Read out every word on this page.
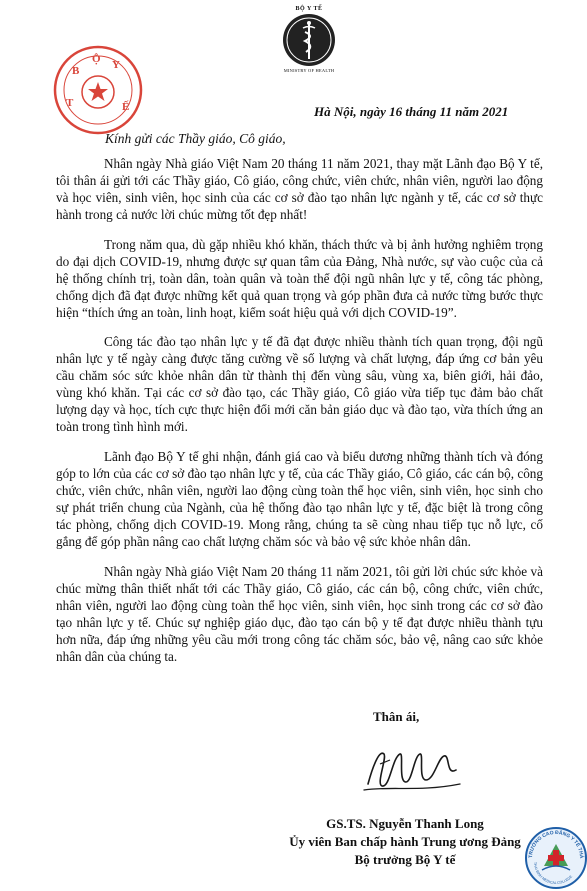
BỘ Y TẾ
MINISTRY OF HEALTH
B
Ộ Y
T	Ế	Hà Nội, ngày 16 tháng 11 năm 2021
Kính gửi các Thầy giáo, Cô giáo,

Nhân ngày Nhà giáo Việt Nam 20 tháng 11 năm 2021, thay mặt Lãnh đạo Bộ Y tế, tôi thân ái gửi tới các Thầy giáo, Cô giáo, công chức, viên chức, nhân viên, người lao động và học viên, sinh viên, học sinh của các cơ sở đào tạo nhân lực ngành y tế, các cơ sở thực hành trong cả nước lời chúc mừng tốt đẹp nhất!

Trong năm qua, dù gặp nhiều khó khăn, thách thức và bị ảnh hưởng nghiêm trọng do đại dịch COVID-19, nhưng được sự quan tâm của Đảng, Nhà nước, sự vào cuộc của cả hệ thống chính trị, toàn dân, toàn quân và toàn thể đội ngũ nhân lực y tế, công tác phòng, chống dịch đã đạt được những kết quả quan trọng và góp phần đưa cả nước từng bước thực hiện “thích ứng an toàn, linh hoạt, kiểm soát hiệu quả với dịch COVID-19”.

Công tác đào tạo nhân lực y tế đã đạt được nhiều thành tích quan trọng, đội ngũ nhân lực y tế ngày càng được tăng cường về số lượng và chất lượng, đáp ứng cơ bản yêu cầu chăm sóc sức khỏe nhân dân từ thành thị đến vùng sâu, vùng xa, biên giới, hải đảo, vùng khó khăn. Tại các cơ sở đào tạo, các Thầy giáo, Cô giáo vừa tiếp tục đảm bảo chất lượng dạy và học, tích cực thực hiện đổi mới căn bản giáo dục và đào tạo, vừa thích ứng an toàn trong tình hình mới.

Lãnh đạo Bộ Y tế ghi nhận, đánh giá cao và biểu dương những thành tích và đóng góp to lớn của các cơ sở đào tạo nhân lực y tế, của các Thầy giáo, Cô giáo, các cán bộ, công chức, viên chức, nhân viên, người lao động cùng toàn thể học viên, sinh viên, học sinh cho sự phát triển chung của Ngành, của hệ thống đào tạo nhân lực y tế, đặc biệt là trong công tác phòng, chống dịch COVID-19. Mong rằng, chúng ta sẽ cùng nhau tiếp tục nỗ lực, cố gắng để góp phần nâng cao chất lượng chăm sóc và bảo vệ sức khỏe nhân dân.

Nhân ngày Nhà giáo Việt Nam 20 tháng 11 năm 2021, tôi gửi lời chúc sức khỏe và chúc mừng thân thiết nhất tới các Thầy giáo, Cô giáo, các cán bộ, công chức, viên chức, nhân viên, người lao động cùng toàn thể học viên, sinh viên, học sinh trong các cơ sở đào tạo nhân lực y tế. Chúc sự nghiệp giáo dục, đào tạo cán bộ y tế đạt được nhiều thành tựu hơn nữa, đáp ứng những yêu cầu mới trong công tác chăm sóc, bảo vệ, nâng cao sức khỏe nhân dân của chúng ta.

Thân ái,
GS.TS. Nguyễn Thanh Long
Ủy viên Ban chấp hành Trung ương Đảng
Bộ trưởng Bộ Y tế	TRƯỜNG CAO ĐẲNG Y TẾ THÁ
THAI BINH MEDICAL COLLEGE
